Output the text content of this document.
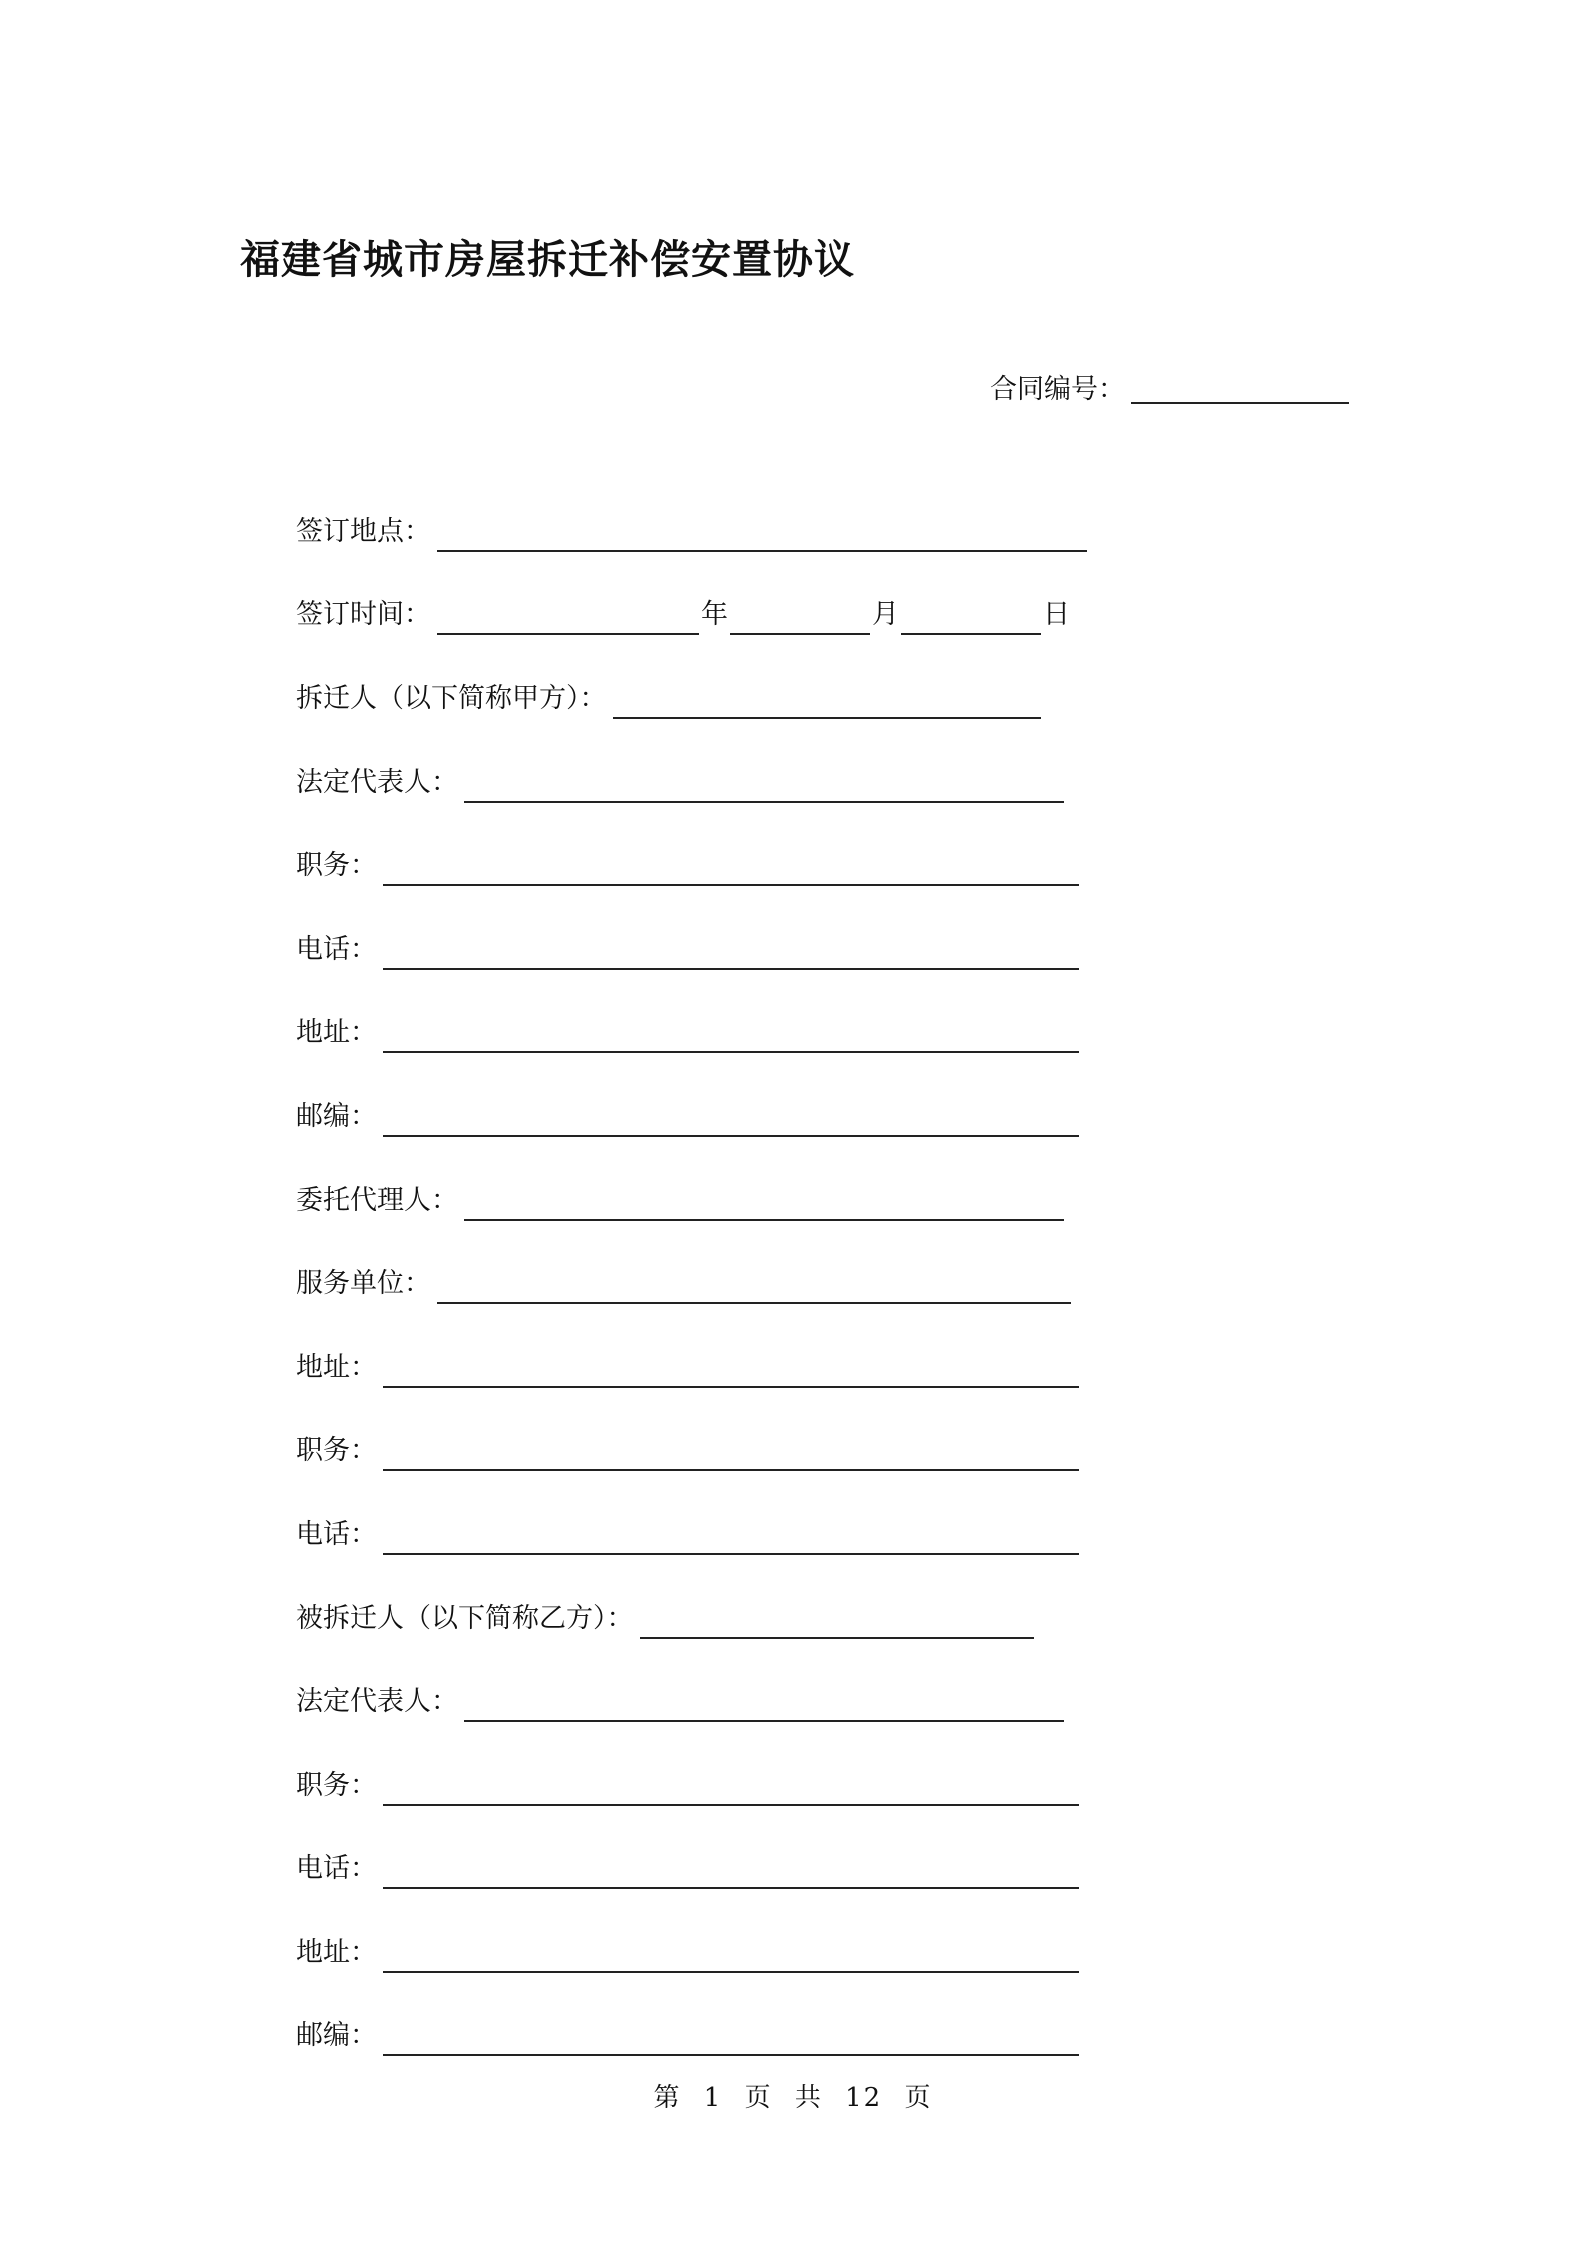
福建省城市房屋拆迁补偿安置协议
合同编号：
签订地点：
签订时间：	年	月	日
拆迁人（以下简称甲方）：
法定代表人：
职务：
电话：
地址：
邮编：
委托代理人：
服务单位：
地址：
职务：
电话：
被拆迁人（以下简称乙方）：
法定代表人：
职务：
电话：
地址：
邮编：
第 1 页 共 12 页
